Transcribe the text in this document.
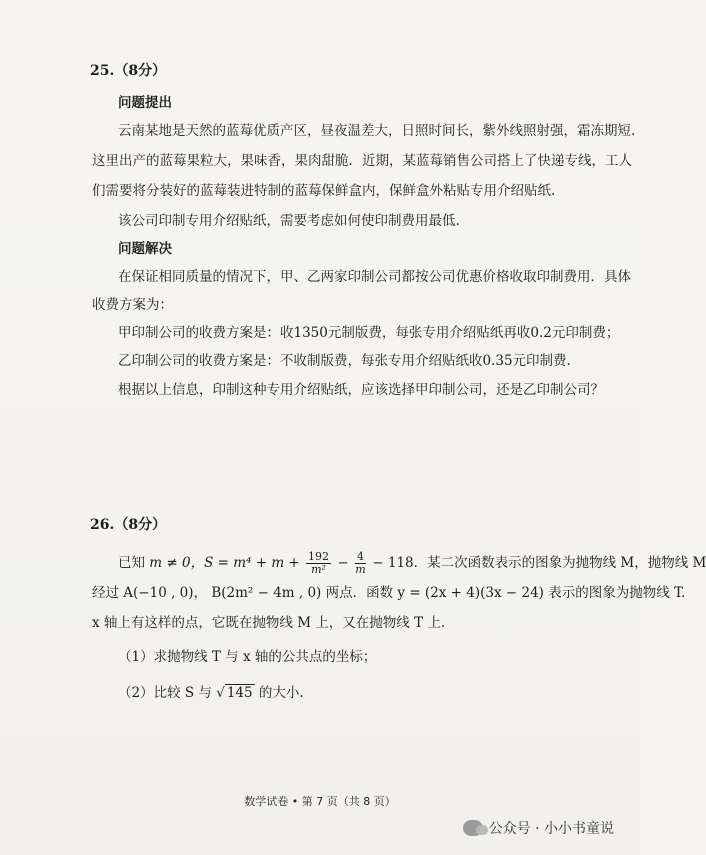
25.（8分）
问题提出
云南某地是天然的蓝莓优质产区，昼夜温差大，日照时间长，紫外线照射强，霜冻期短.
这里出产的蓝莓果粒大，果味香，果肉甜脆．近期，某蓝莓销售公司搭上了快递专线，工人
们需要将分装好的蓝莓装进特制的蓝莓保鲜盒内，保鲜盒外粘贴专用介绍贴纸.
该公司印制专用介绍贴纸，需要考虑如何使印制费用最低.
问题解决
在保证相同质量的情况下，甲、乙两家印制公司都按公司优惠价格收取印制费用．具体
收费方案为：
甲印制公司的收费方案是：收1350元制版费，每张专用介绍贴纸再收0.2元印制费；
乙印制公司的收费方案是：不收制版费，每张专用介绍贴纸收0.35元印制费.
根据以上信息，印制这种专用介绍贴纸，应该选择甲印制公司，还是乙印制公司？
26.（8分）
已知 m ≠ 0，$S = m^4 + m + \frac{192}{\text{m²}} - \frac{4}{m} - 118$．某二次函数表示的图象为抛物线 M，抛物线 M
经过 A(−10 , 0)， B(2m² − 4m , 0) 两点．函数 y = (2x + 4)(3x − 24) 表示的图象为抛物线 T.
x 轴上有这样的点，它既在抛物线 M 上，又在抛物线 T 上.
（1）求抛物线 T 与 x 轴的公共点的坐标；
（2）比较 S 与 √ 145 的大小.
数学试卷 • 第 7 页（共 8 页）
公众号 · 小小书童说
